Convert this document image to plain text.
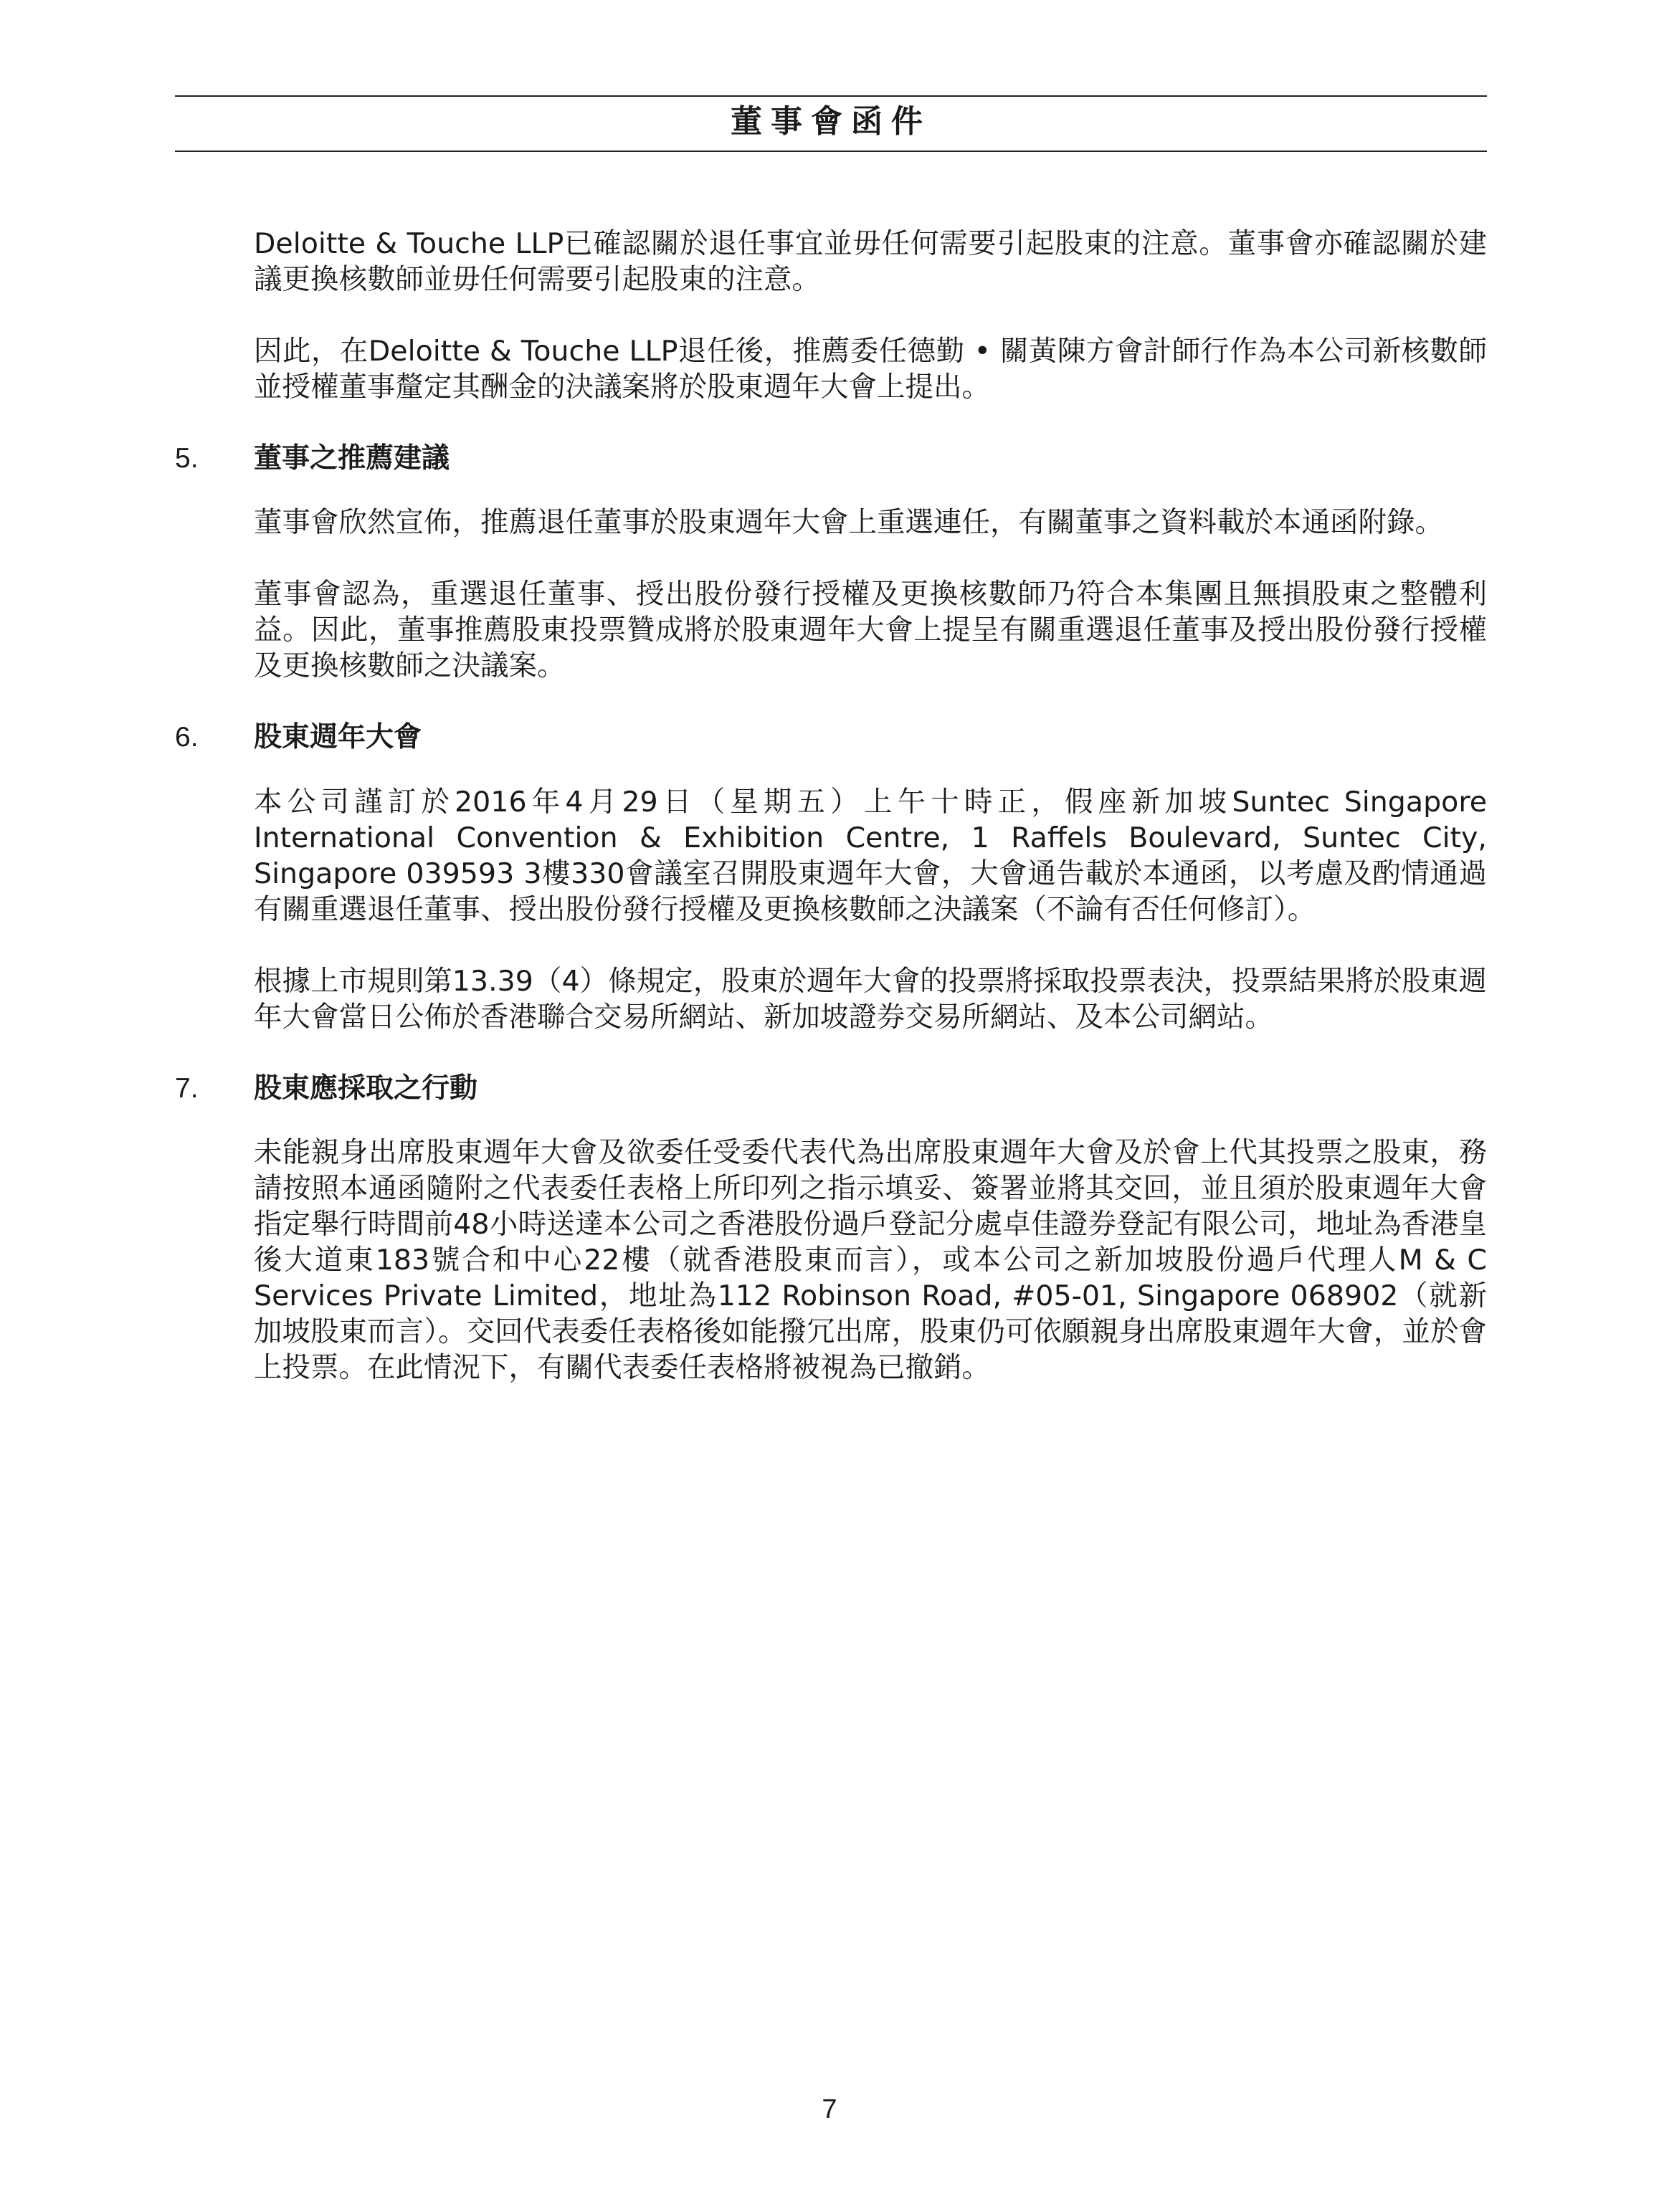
董事會函件

Deloitte & Touche LLP已確認關於退任事宜並毋任何需要引起股東的注意。董事會亦確認關於建議更換核數師並毋任何需要引起股東的注意。

因此，在Deloitte & Touche LLP退任後，推薦委任德勤 • 關黃陳方會計師行作為本公司新核數師並授權董事釐定其酬金的決議案將於股東週年大會上提出。

5.	董事之推薦建議

董事會欣然宣佈，推薦退任董事於股東週年大會上重選連任，有關董事之資料載於本通函附錄。

董事會認為，重選退任董事、授出股份發行授權及更換核數師乃符合本集團且無損股東之整體利益。因此，董事推薦股東投票贊成將於股東週年大會上提呈有關重選退任董事及授出股份發行授權及更換核數師之決議案。

6.	股東週年大會

本公司謹訂於2016年4月29日（星期五）上午十時正，假座新加坡Suntec Singapore International Convention & Exhibition Centre, 1 Raffels Boulevard, Suntec City, Singapore 039593 3樓330會議室召開股東週年大會，大會通告載於本通函，以考慮及酌情通過有關重選退任董事、授出股份發行授權及更換核數師之決議案（不論有否任何修訂）。

根據上市規則第13.39（4）條規定，股東於週年大會的投票將採取投票表決，投票結果將於股東週年大會當日公佈於香港聯合交易所網站、新加坡證券交易所網站、及本公司網站。

7.	股東應採取之行動

未能親身出席股東週年大會及欲委任受委代表代為出席股東週年大會及於會上代其投票之股東，務請按照本通函隨附之代表委任表格上所印列之指示填妥、簽署並將其交回，並且須於股東週年大會指定舉行時間前48小時送達本公司之香港股份過戶登記分處卓佳證券登記有限公司，地址為香港皇後大道東183號合和中心22樓（就香港股東而言），或本公司之新加坡股份過戶代理人M & C Services Private Limited，地址為112 Robinson Road, #05-01, Singapore 068902（就新加坡股東而言）。交回代表委任表格後如能撥冗出席，股東仍可依願親身出席股東週年大會，並於會上投票。在此情況下，有關代表委任表格將被視為已撤銷。

7
